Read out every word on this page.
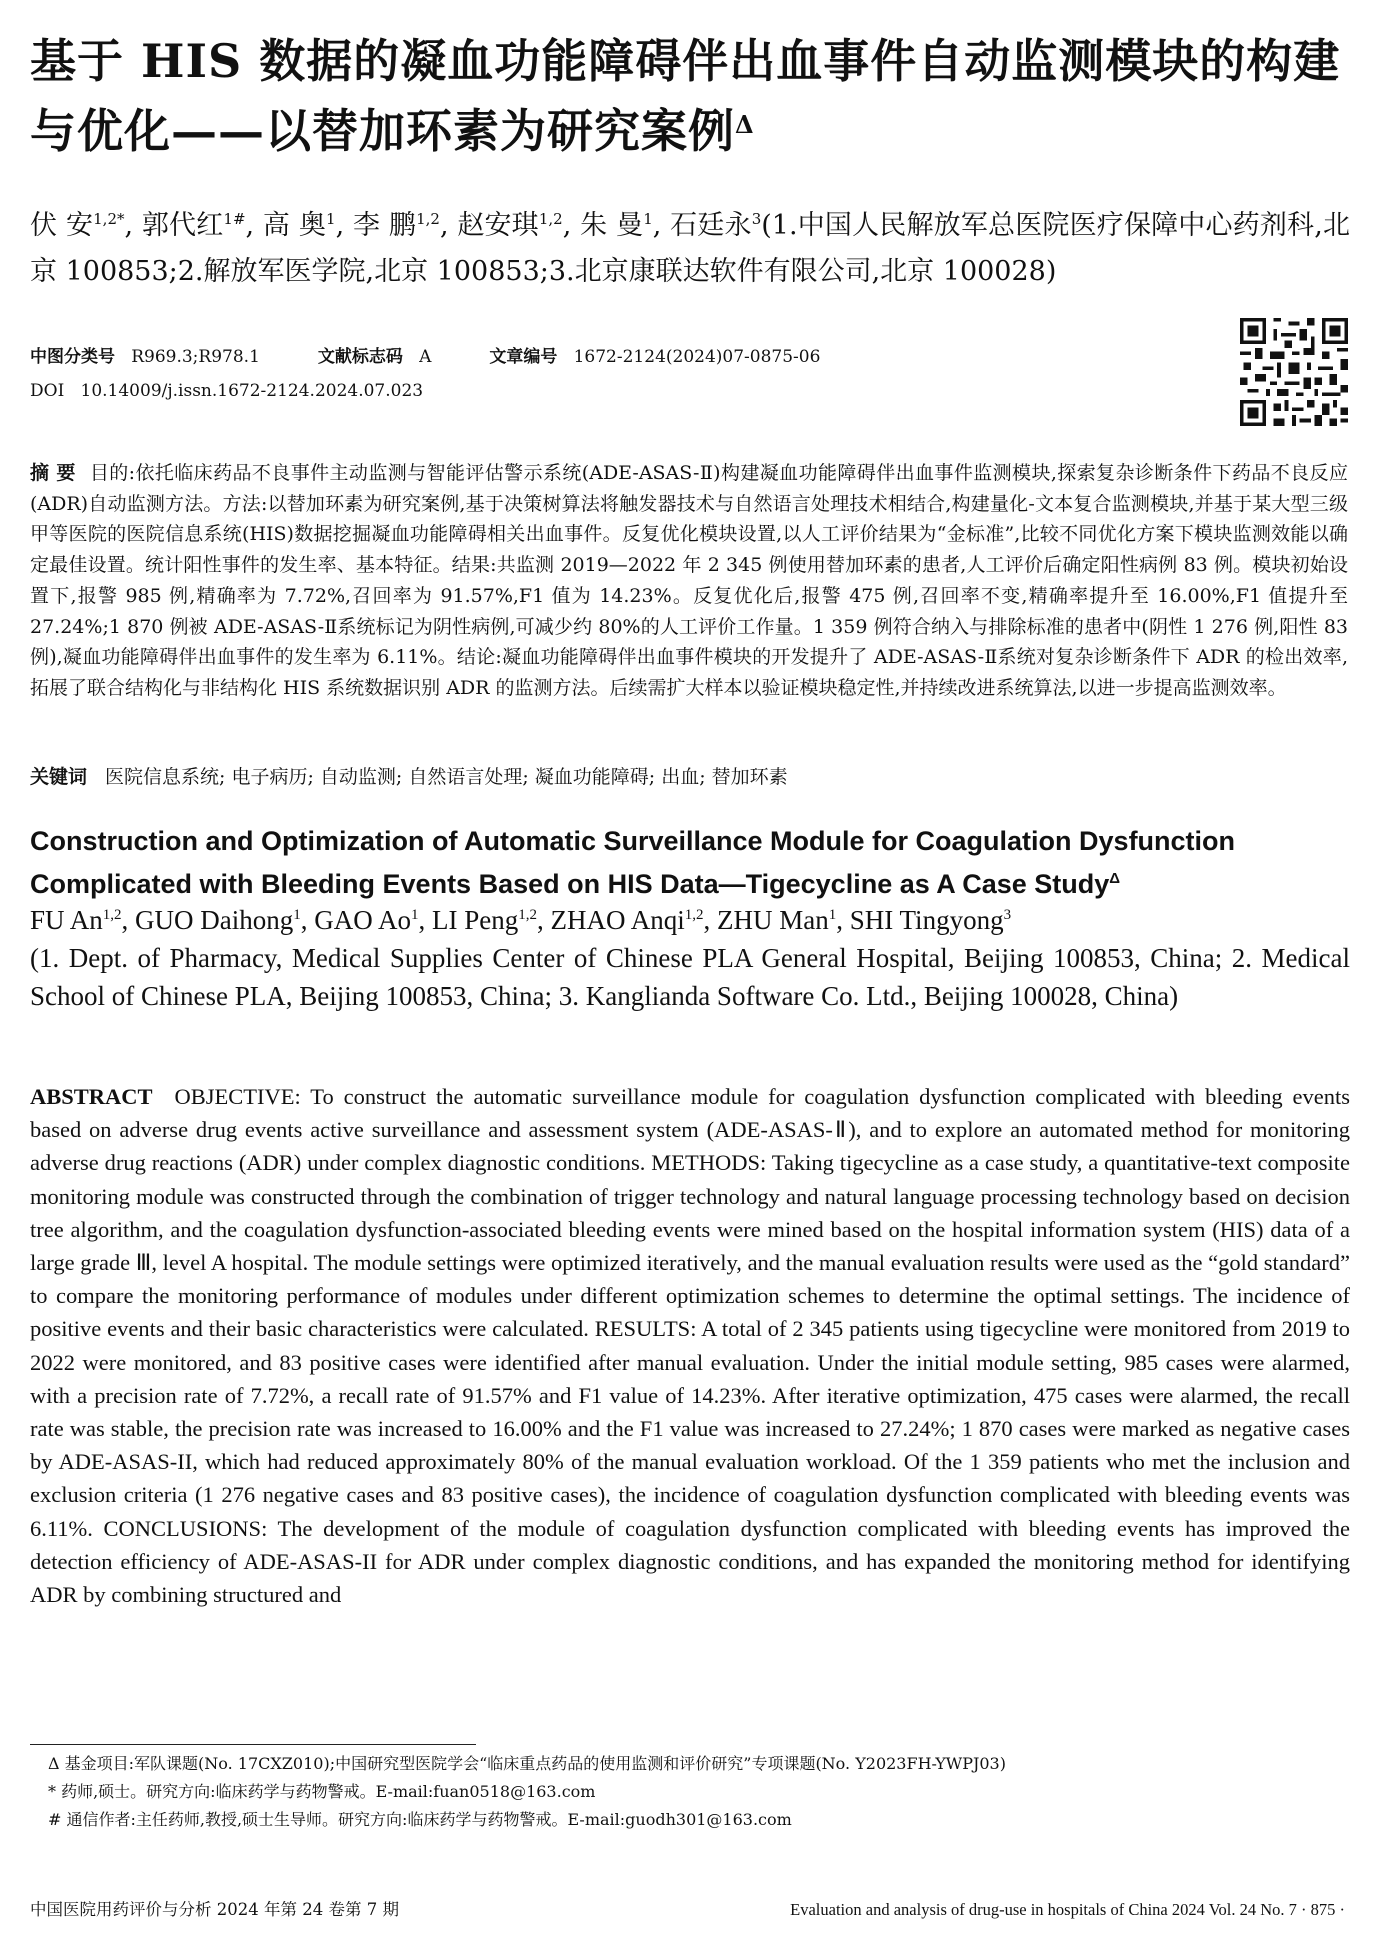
基于 HIS 数据的凝血功能障碍伴出血事件自动监测模块的构建与优化——以替加环素为研究案例$^\Delta$
伏 安$^{1,2*}$, 郭代红$^{1\#}$, 高 奥$^1$, 李 鹏$^{1,2}$, 赵安琪$^{1,2}$, 朱 曼$^1$, 石廷永$^3$(1.中国人民解放军总医院医疗保障中心药剂科,北京 100853;2.解放军医学院,北京 100853;3.北京康联达软件有限公司,北京 100028)
中图分类号 R969.3;R978.1	文献标志码 A	文章编号 1672-2124(2024)07-0875-06
DOI 10.14009/j.issn.1672-2124.2024.07.023
摘 要 目的:依托临床药品不良事件主动监测与智能评估警示系统(ADE-ASAS-Ⅱ)构建凝血功能障碍伴出血事件监测模块,探索复杂诊断条件下药品不良反应(ADR)自动监测方法。方法:以替加环素为研究案例,基于决策树算法将触发器技术与自然语言处理技术相结合,构建量化-文本复合监测模块,并基于某大型三级甲等医院的医院信息系统(HIS)数据挖掘凝血功能障碍相关出血事件。反复优化模块设置,以人工评价结果为“金标准”,比较不同优化方案下模块监测效能以确定最佳设置。统计阳性事件的发生率、基本特征。结果:共监测 2019—2022 年 2 345 例使用替加环素的患者,人工评价后确定阳性病例 83 例。模块初始设置下,报警 985 例,精确率为 7.72%,召回率为 91.57%,F1 值为 14.23%。反复优化后,报警 475 例,召回率不变,精确率提升至 16.00%,F1 值提升至 27.24%;1 870 例被 ADE-ASAS-Ⅱ系统标记为阴性病例,可减少约 80%的人工评价工作量。1 359 例符合纳入与排除标准的患者中(阴性 1 276 例,阳性 83 例),凝血功能障碍伴出血事件的发生率为 6.11%。结论:凝血功能障碍伴出血事件模块的开发提升了 ADE-ASAS-Ⅱ系统对复杂诊断条件下 ADR 的检出效率,拓展了联合结构化与非结构化 HIS 系统数据识别 ADR 的监测方法。后续需扩大样本以验证模块稳定性,并持续改进系统算法,以进一步提高监测效率。
关键词 医院信息系统; 电子病历; 自动监测; 自然语言处理; 凝血功能障碍; 出血; 替加环素
Construction and Optimization of Automatic Surveillance Module for Coagulation Dysfunction Complicated with Bleeding Events Based on HIS Data—Tigecycline as A Case Study$^\Delta$
FU An$^{1,2}$, GUO Daihong$^1$, GAO Ao$^1$, LI Peng$^{1,2}$, ZHAO Anqi$^{1,2}$, ZHU Man$^1$, SHI Tingyong$^3$
(1. Dept. of Pharmacy, Medical Supplies Center of Chinese PLA General Hospital, Beijing 100853, China; 2. Medical School of Chinese PLA, Beijing 100853, China; 3. Kanglianda Software Co. Ltd., Beijing 100028, China)
ABSTRACT OBJECTIVE: To construct the automatic surveillance module for coagulation dysfunction complicated with bleeding events based on adverse drug events active surveillance and assessment system (ADE-ASAS-Ⅱ), and to explore an automated method for monitoring adverse drug reactions (ADR) under complex diagnostic conditions. METHODS: Taking tigecycline as a case study, a quantitative-text composite monitoring module was constructed through the combination of trigger technology and natural language processing technology based on decision tree algorithm, and the coagulation dysfunction-associated bleeding events were mined based on the hospital information system (HIS) data of a large grade Ⅲ, level A hospital. The module settings were optimized iteratively, and the manual evaluation results were used as the “gold standard” to compare the monitoring performance of modules under different optimization schemes to determine the optimal settings. The incidence of positive events and their basic characteristics were calculated. RESULTS: A total of 2 345 patients using tigecycline were monitored from 2019 to 2022 were monitored, and 83 positive cases were identified after manual evaluation. Under the initial module setting, 985 cases were alarmed, with a precision rate of 7.72%, a recall rate of 91.57% and F1 value of 14.23%. After iterative optimization, 475 cases were alarmed, the recall rate was stable, the precision rate was increased to 16.00% and the F1 value was increased to 27.24%; 1 870 cases were marked as negative cases by ADE-ASAS-II, which had reduced approximately 80% of the manual evaluation workload. Of the 1 359 patients who met the inclusion and exclusion criteria (1 276 negative cases and 83 positive cases), the incidence of coagulation dysfunction complicated with bleeding events was 6.11%. CONCLUSIONS: The development of the module of coagulation dysfunction complicated with bleeding events has improved the detection efficiency of ADE-ASAS-II for ADR under complex diagnostic conditions, and has expanded the monitoring method for identifying ADR by combining structured and
Δ 基金项目:军队课题(No. 17CXZ010);中国研究型医院学会“临床重点药品的使用监测和评价研究”专项课题(No. Y2023FH-YWPJ03)
* 药师,硕士。研究方向:临床药学与药物警戒。E-mail:fuan0518@163.com
# 通信作者:主任药师,教授,硕士生导师。研究方向:临床药学与药物警戒。E-mail:guodh301@163.com
中国医院用药评价与分析 2024 年第 24 卷第 7 期	Evaluation and analysis of drug-use in hospitals of China 2024 Vol. 24 No. 7 · 875 ·
